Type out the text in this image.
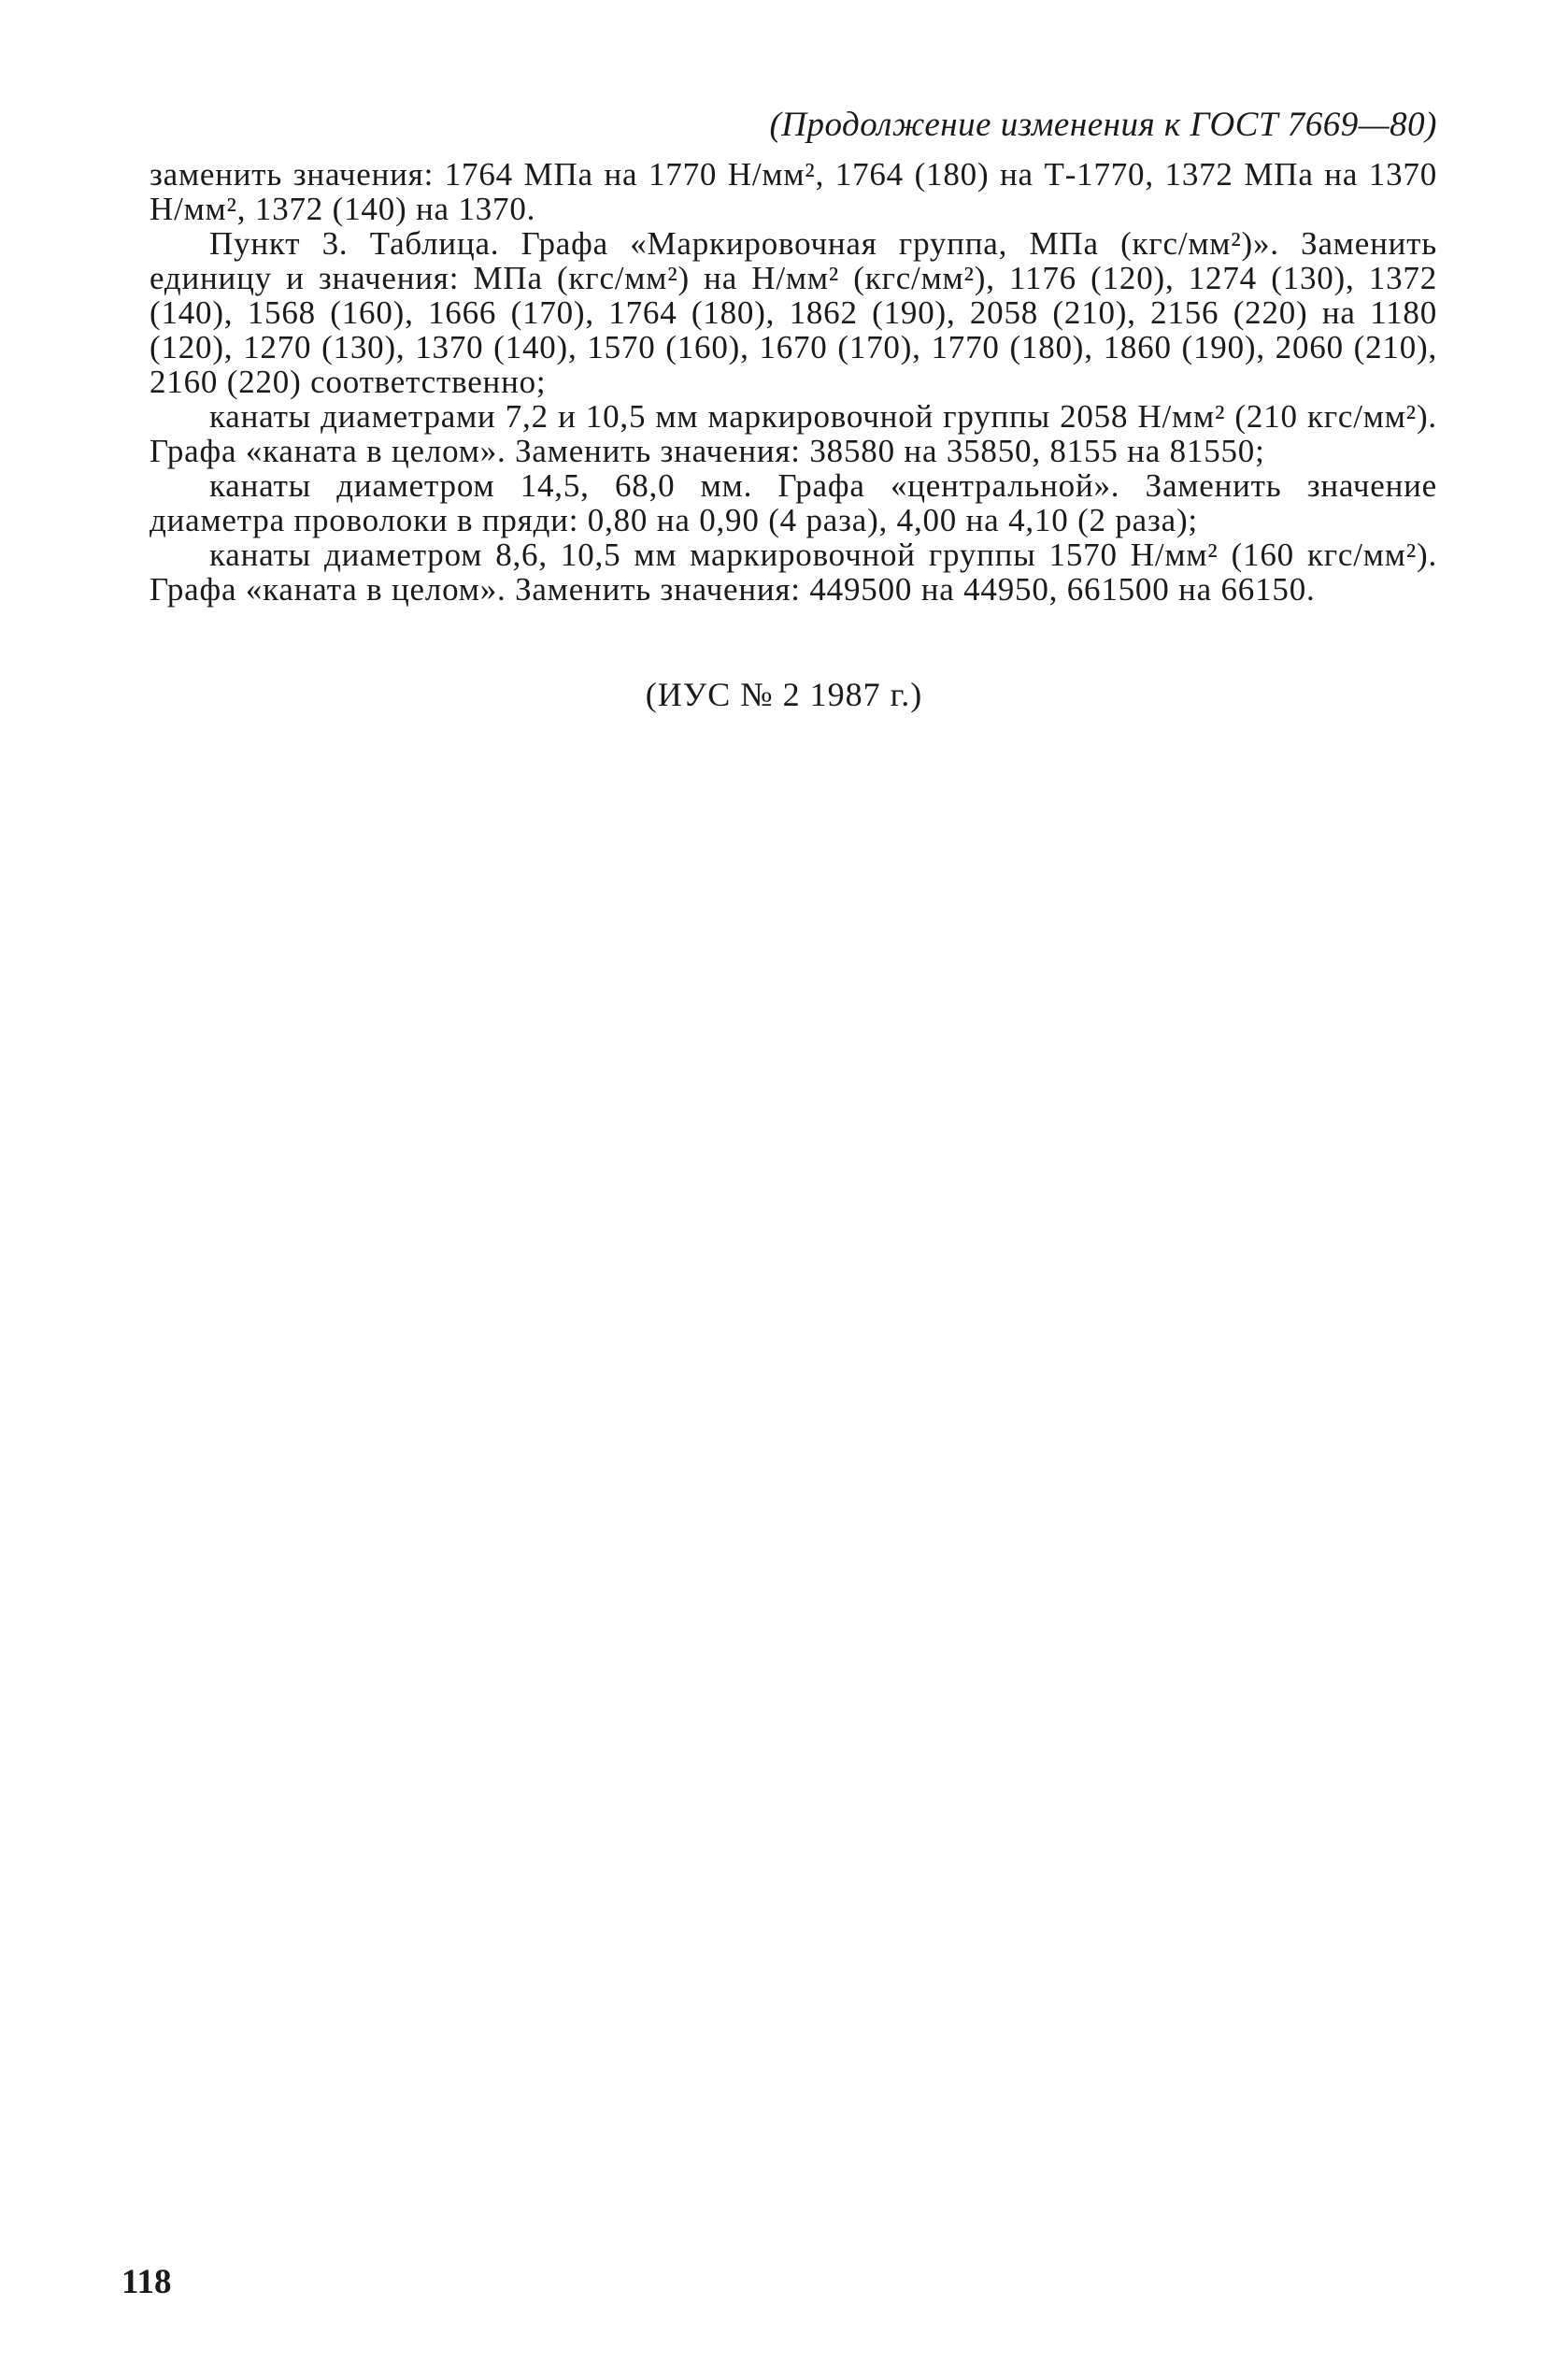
(Продолжение изменения к ГОСТ 7669—80)

заменить значения: 1764 МПа на 1770 Н/мм², 1764 (180) на Т-1770, 1372 МПа на 1370 Н/мм², 1372 (140) на 1370.

Пункт 3. Таблица. Графа «Маркировочная группа, МПа (кгс/мм²)». Заменить единицу и значения: МПа (кгс/мм²) на Н/мм² (кгс/мм²), 1176 (120), 1274 (130), 1372 (140), 1568 (160), 1666 (170), 1764 (180), 1862 (190), 2058 (210), 2156 (220) на 1180 (120), 1270 (130), 1370 (140), 1570 (160), 1670 (170), 1770 (180), 1860 (190), 2060 (210), 2160 (220) соответственно;

канаты диаметрами 7,2 и 10,5 мм маркировочной группы 2058 Н/мм² (210 кгс/мм²). Графа «каната в целом». Заменить значения: 38580 на 35850, 8155 на 81550;

канаты диаметром 14,5, 68,0 мм. Графа «центральной». Заменить значение диаметра проволоки в пряди: 0,80 на 0,90 (4 раза), 4,00 на 4,10 (2 раза);

канаты диаметром 8,6, 10,5 мм маркировочной группы 1570 Н/мм² (160 кгс/мм²). Графа «каната в целом». Заменить значения: 449500 на 44950, 661500 на 66150.

(ИУС № 2 1987 г.)
118
